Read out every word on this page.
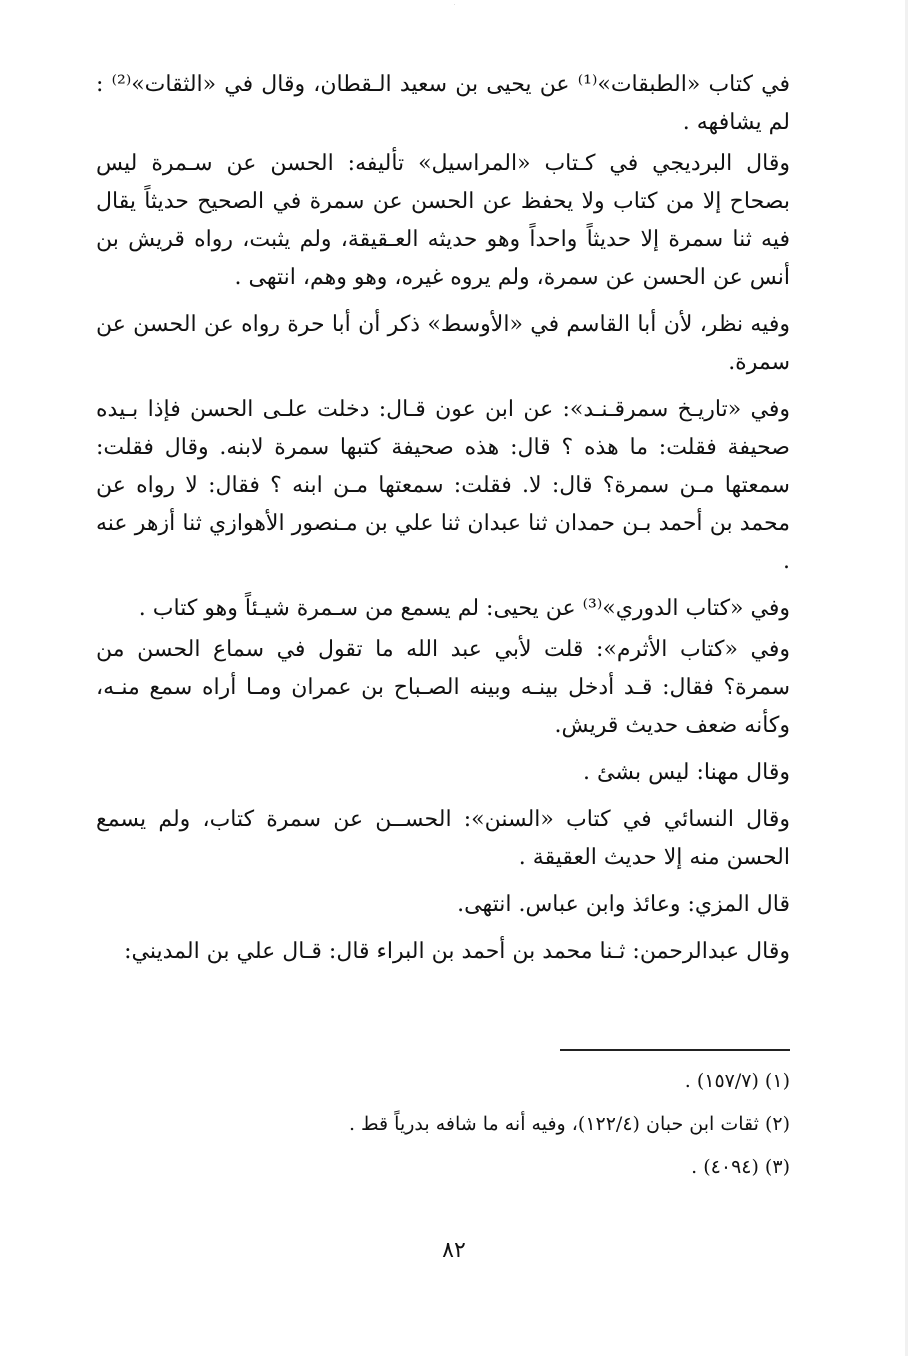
في كتاب «الطبقات»⁽¹⁾ عن يحيى بن سعيد الـقطان، وقال في «الثقات»⁽²⁾ : لم يشافهه .

وقال البرديجي في كـتاب «المراسيل» تأليفه: الحسن عن سـمرة ليس بصحاح إلا من كتاب ولا يحفظ عن الحسن عن سمرة في الصحيح حديثاً يقال فيه ثنا سمرة إلا حديثاً واحداً وهو حديثه العـقيقة، ولم يثبت، رواه قريش بن أنس عن الحسن عن سمرة، ولم يروه غيره، وهو وهم، انتهى .

وفيه نظر، لأن أبا القاسم في «الأوسط» ذكر أن أبا حرة رواه عن الحسن عن سمرة.

وفي «تاريـخ سمرقـنـد»: عن ابن عون قـال: دخلت علـى الحسن فإذا بـيده صحيفة فقلت: ما هذه ؟ قال: هذه صحيفة كتبها سمرة لابنه. وقال فقلت: سمعتها مـن سمرة؟ قال: لا. فقلت: سمعتها مـن ابنه ؟ فقال: لا رواه عن محمد بن أحمد بـن حمدان ثنا عبدان ثنا علي بن مـنصور الأهوازي ثنا أزهر عنه .

وفي «كتاب الدوري»⁽³⁾ عن يحيى: لم يسمع من سـمرة شيـئاً وهو كتاب .

وفي «كتاب الأثرم»: قلت لأبي عبد الله ما تقول في سماع الحسن من سمرة؟ فقال: قـد أدخل بينـه وبينه الصـباح بن عمران ومـا أراه سمع منـه، وكأنه ضعف حديث قريش.

وقال مهنا: ليس بشئ .

وقال النسائي في كتاب «السنن»: الحســن عن سمرة كتاب، ولم يسمع الحسن منه إلا حديث العقيقة .

قال المزي: وعائذ وابن عباس. انتهى.

وقال عبدالرحمن: ثـنا محمد بن أحمد بن البراء قال: قـال علي بن المديني:

(١) (١٥٧/٧) .

(٢) ثقات ابن حبان (١٢٢/٤)، وفيه أنه ما شافه بدرياً قط .

(٣) (٤٠٩٤) .

٨٢
